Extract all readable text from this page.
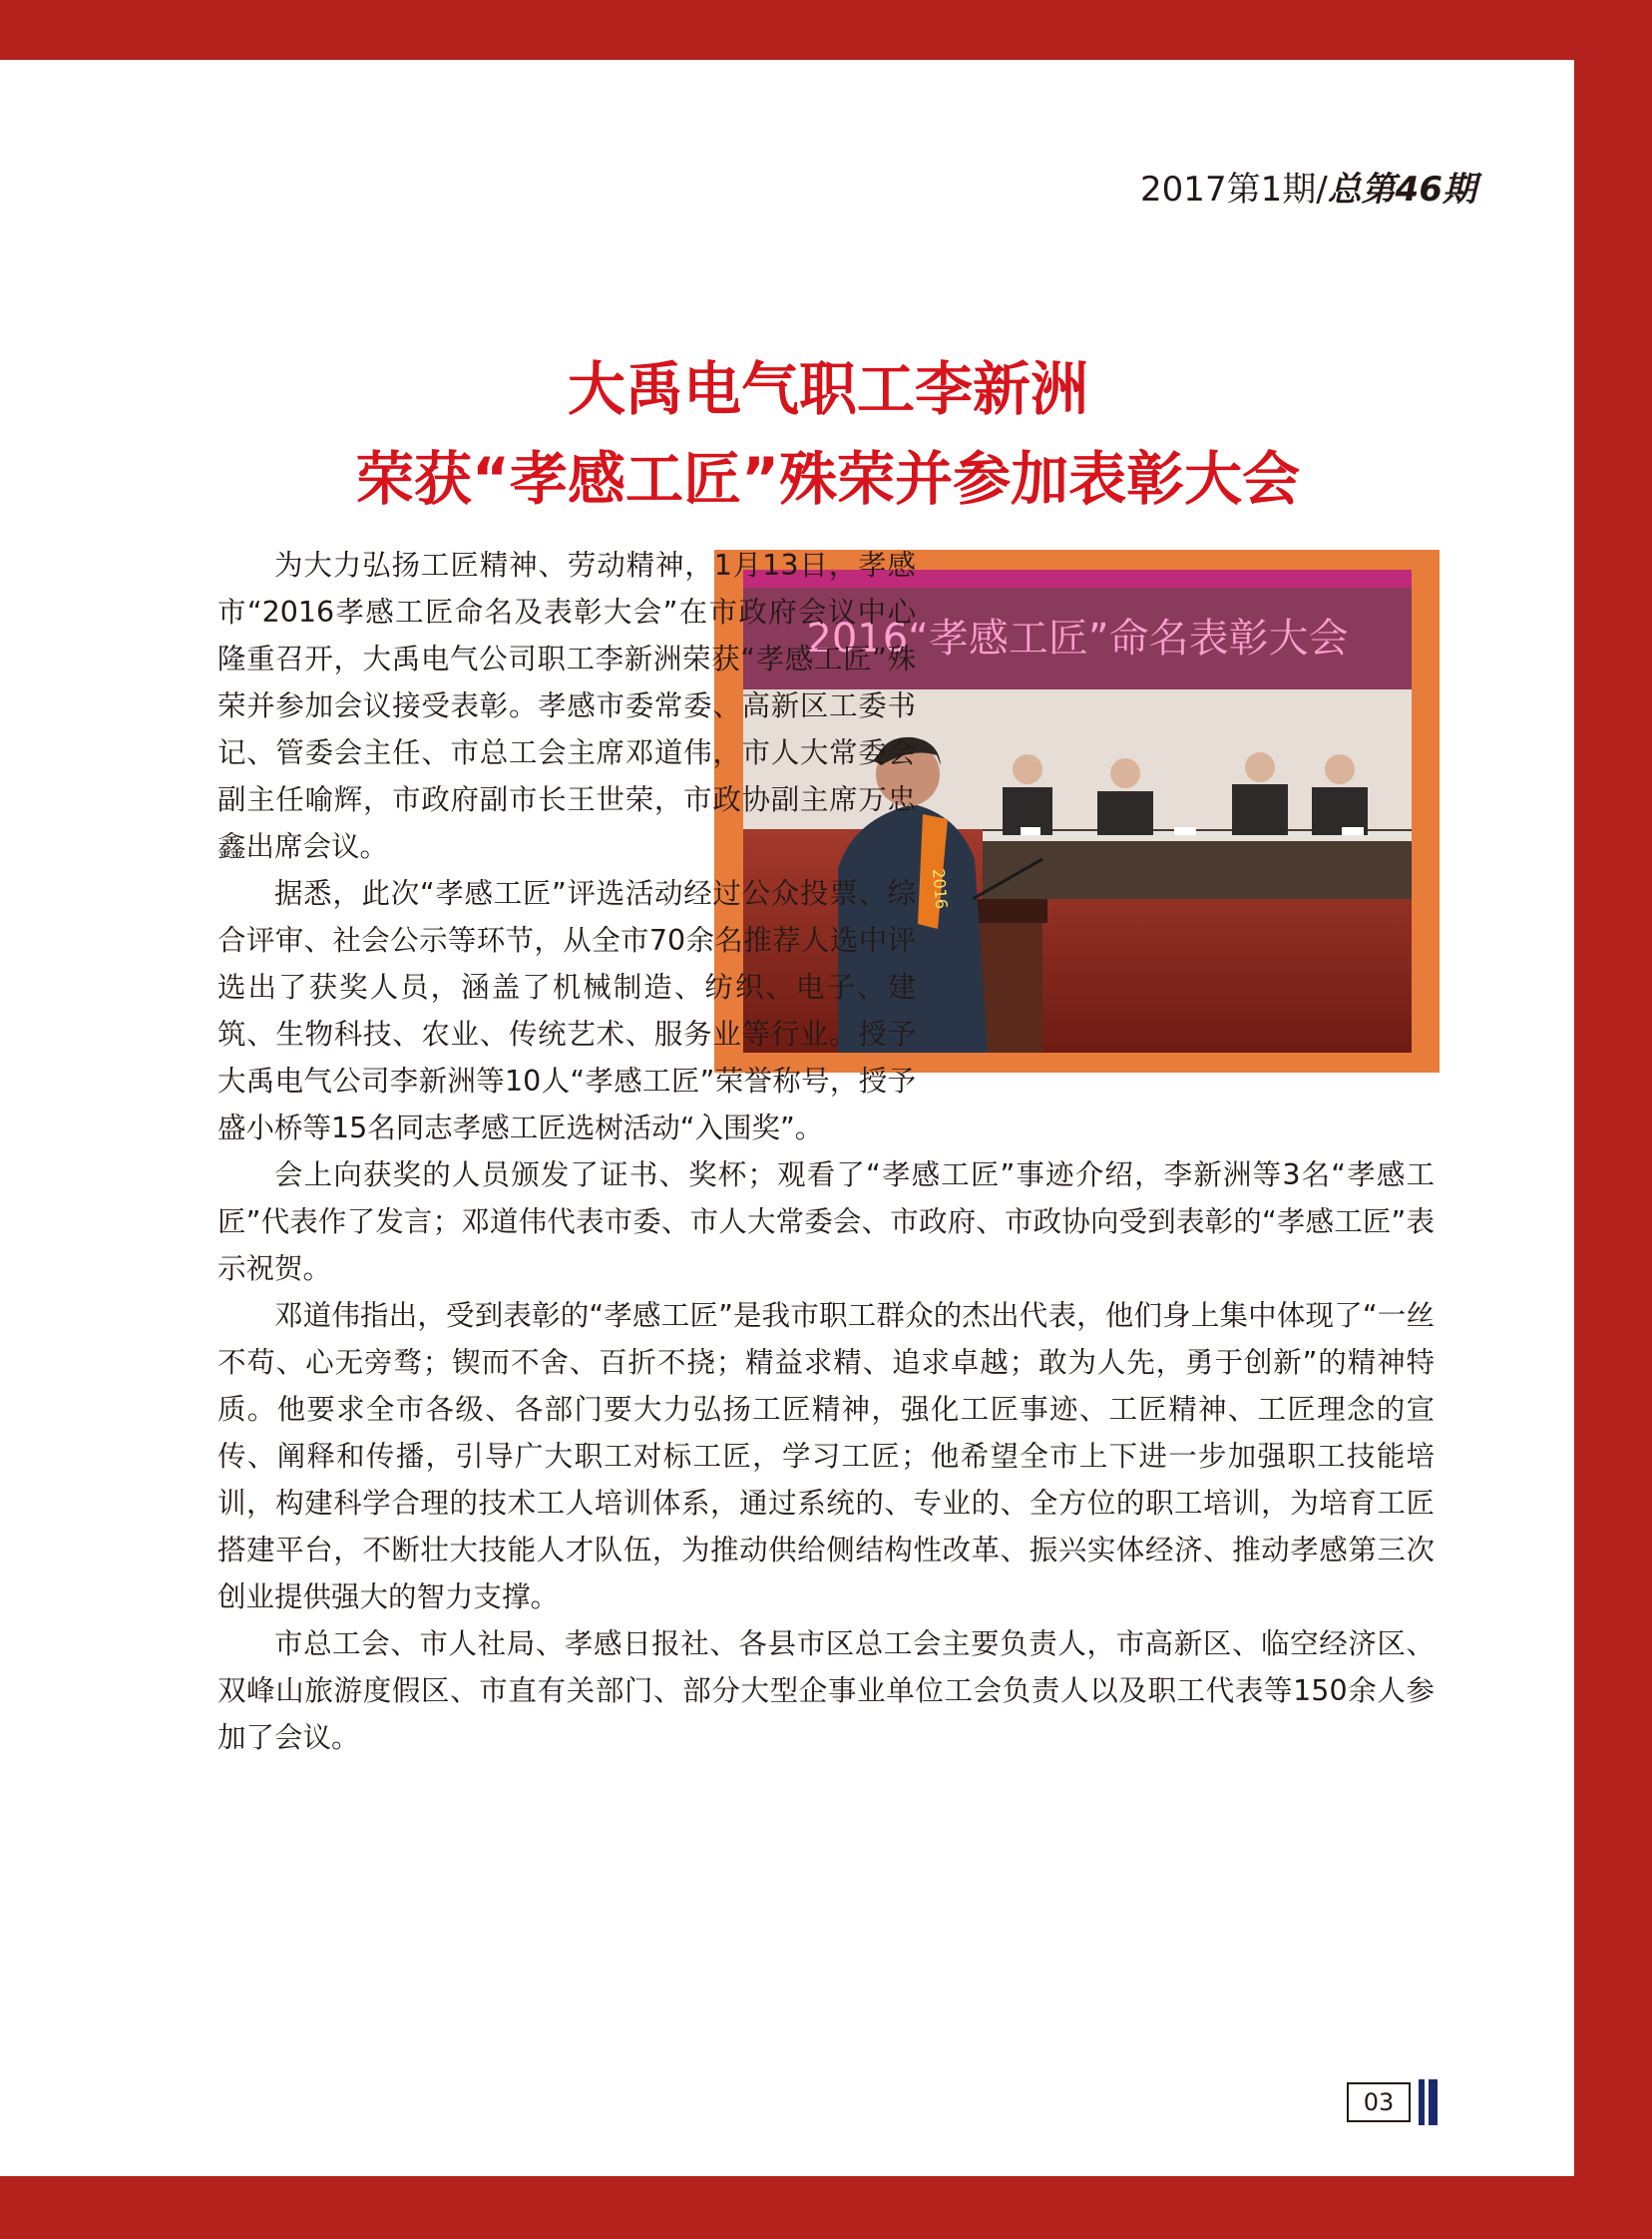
2017第1期/总第46期
大禹电气职工李新洲
荣获“孝感工匠”殊荣并参加表彰大会
2016“孝感工匠”命名表彰大会
2016

为大力弘扬工匠精神、劳动精神，1月13日，孝感市“2016孝感工匠命名及表彰大会”在市政府会议中心隆重召开，大禹电气公司职工李新洲荣获“孝感工匠”殊荣并参加会议接受表彰。孝感市委常委、高新区工委书记、管委会主任、市总工会主席邓道伟，市人大常委会副主任喻辉，市政府副市长王世荣，市政协副主席万忠鑫出席会议。

据悉，此次“孝感工匠”评选活动经过公众投票、综合评审、社会公示等环节，从全市70余名推荐人选中评选出了获奖人员，涵盖了机械制造、纺织、电子、建筑、生物科技、农业、传统艺术、服务业等行业。授予大禹电气公司李新洲等10人“孝感工匠”荣誉称号，授予盛小桥等15名同志孝感工匠选树活动“入围奖”。

会上向获奖的人员颁发了证书、奖杯；观看了“孝感工匠”事迹介绍，李新洲等3名“孝感工匠”代表作了发言；邓道伟代表市委、市人大常委会、市政府、市政协向受到表彰的“孝感工匠”表示祝贺。

邓道伟指出，受到表彰的“孝感工匠”是我市职工群众的杰出代表，他们身上集中体现了“一丝不苟、心无旁骛；锲而不舍、百折不挠；精益求精、追求卓越；敢为人先，勇于创新”的精神特质。他要求全市各级、各部门要大力弘扬工匠精神，强化工匠事迹、工匠精神、工匠理念的宣传、阐释和传播，引导广大职工对标工匠，学习工匠；他希望全市上下进一步加强职工技能培训，构建科学合理的技术工人培训体系，通过系统的、专业的、全方位的职工培训，为培育工匠搭建平台，不断壮大技能人才队伍，为推动供给侧结构性改革、振兴实体经济、推动孝感第三次创业提供强大的智力支撑。

市总工会、市人社局、孝感日报社、各县市区总工会主要负责人，市高新区、临空经济区、双峰山旅游度假区、市直有关部门、部分大型企事业单位工会负责人以及职工代表等150余人参加了会议。

03
